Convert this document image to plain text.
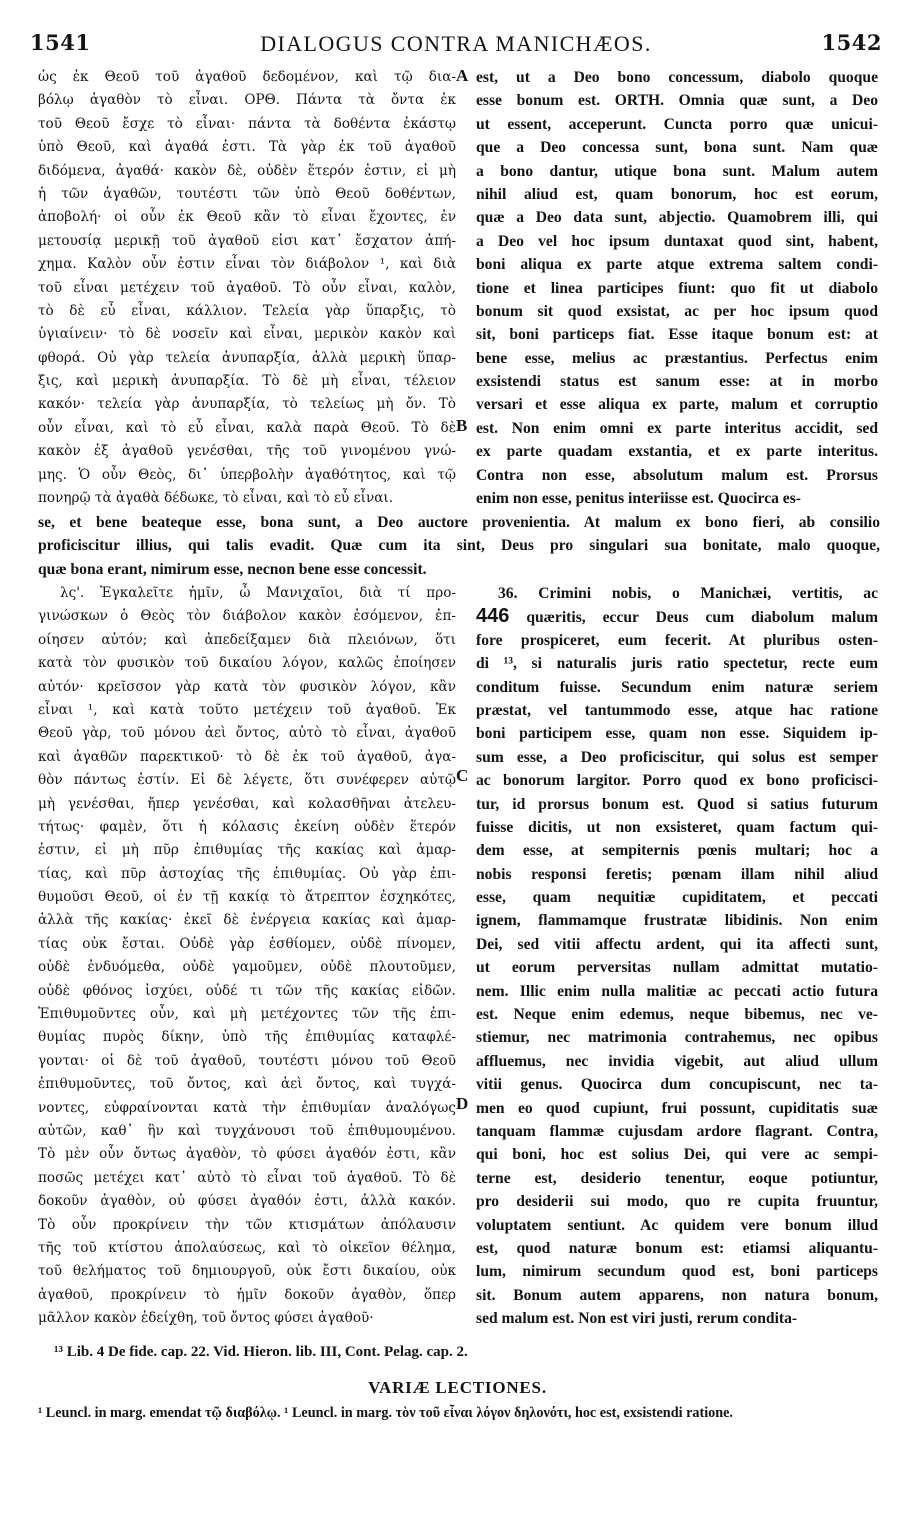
1541	DIALOGUS CONTRA MANICHÆOS.	1542
ὡς ἐκ Θεοῦ τοῦ ἀγαθοῦ δεδομένον, καὶ τῷ δια-
βόλῳ ἀγαθὸν τὸ εἶναι. ΟΡΘ. Πάντα τὰ ὄντα ἐκ
τοῦ Θεοῦ ἔσχε τὸ εἶναι· πάντα τὰ δοθέντα ἑκάστῳ
ὑπὸ Θεοῦ, καὶ ἀγαθά ἐστι. Τὰ γὰρ ἐκ τοῦ ἀγαθοῦ
διδόμενα, ἀγαθά· κακὸν δὲ, οὐδὲν ἕτερόν ἐστιν, εἰ μὴ
ἡ τῶν ἀγαθῶν, τουτέστι τῶν ὑπὸ Θεοῦ δοθέντων,
ἀποβολή· οἱ οὖν ἐκ Θεοῦ κἂν τὸ εἶναι ἔχοντες, ἐν
μετουσίᾳ μερικῇ τοῦ ἀγαθοῦ εἰσι κατ᾽ ἔσχατον ἀπή-
χημα. Καλὸν οὖν ἐστιν εἶναι τὸν διάβολον ¹, καὶ διὰ
τοῦ εἶναι μετέχειν τοῦ ἀγαθοῦ. Τὸ οὖν εἶναι, καλὸν,
τὸ δὲ εὖ εἶναι, κάλλιον. Τελεία γὰρ ὕπαρξις, τὸ
ὑγιαίνειν· τὸ δὲ νοσεῖν καὶ εἶναι, μερικὸν κακὸν καὶ
φθορά. Οὐ γὰρ τελεία ἀνυπαρξία, ἀλλὰ μερικὴ ὕπαρ-
ξις, καὶ μερικὴ ἀνυπαρξία. Τὸ δὲ μὴ εἶναι, τέλειον
κακόν· τελεία γὰρ ἀνυπαρξία, τὸ τελείως μὴ ὄν. Τὸ
οὖν εἶναι, καὶ τὸ εὖ εἶναι, καλὰ παρὰ Θεοῦ. Τὸ δὲ
κακὸν ἐξ ἀγαθοῦ γενέσθαι, τῆς τοῦ γινομένου γνώ-
μης. Ὁ οὖν Θεὸς, δι᾽ ὑπερβολὴν ἀγαθότητος, καὶ τῷ
πονηρῷ τὰ ἀγαθὰ δέδωκε, τὸ εἶναι, καὶ τὸ εὖ εἶναι.
est, ut a Deo bono concessum, diabolo quoque
esse bonum est. ORTH. Omnia quæ sunt, a Deo
ut essent, acceperunt. Cuncta porro quæ unicui-
que a Deo concessa sunt, bona sunt. Nam quæ
a bono dantur, utique bona sunt. Malum autem
nihil aliud est, quam bonorum, hoc est eorum,
quæ a Deo data sunt, abjectio. Quamobrem illi, qui
a Deo vel hoc ipsum duntaxat quod sint, habent,
boni aliqua ex parte atque extrema saltem condi-
tione et linea participes fiunt: quo fit ut diabolo
bonum sit quod exsistat, ac per hoc ipsum quod
sit, boni particeps fiat. Esse itaque bonum est: at
bene esse, melius ac præstantius. Perfectus enim
exsistendi status est sanum esse: at in morbo
versari et esse aliqua ex parte, malum et corruptio
est. Non enim omni ex parte interitus accidit, sed
ex parte quadam exstantia, et ex parte interitus.
Contra non esse, absolutum malum est. Prorsus
enim non esse, penitus interiisse est. Quocirca es-
se, et bene beateque esse, bona sunt, a Deo auctore provenientia. At malum ex bono fieri, ab consilio
proficiscitur illius, qui talis evadit. Quæ cum ita sint, Deus pro singulari sua bonitate, malo quoque,
quæ bona erant, nimirum esse, necnon bene esse concessit.
λς'. Ἐγκαλεῖτε ἡμῖν, ὦ Μανιχαῖοι, διὰ τί προ-
γινώσκων ὁ Θεὸς τὸν διάβολον κακὸν ἐσόμενον, ἐπ-
οίησεν αὐτόν; καὶ ἀπεδείξαμεν διὰ πλειόνων, ὅτι
κατὰ τὸν φυσικὸν τοῦ δικαίου λόγον, καλῶς ἐποίησεν
αὐτόν· κρεῖσσον γὰρ κατὰ τὸν φυσικὸν λόγον, κἂν
εἶναι ¹, καὶ κατὰ τοῦτο μετέχειν τοῦ ἀγαθοῦ. Ἐκ
Θεοῦ γὰρ, τοῦ μόνου ἀεὶ ὄντος, αὐτὸ τὸ εἶναι, ἀγαθοῦ
καὶ ἀγαθῶν παρεκτικοῦ· τὸ δὲ ἐκ τοῦ ἀγαθοῦ, ἀγα-
θὸν πάντως ἐστίν. Εἰ δὲ λέγετε, ὅτι συνέφερεν αὐτῷ
μὴ γενέσθαι, ἤπερ γενέσθαι, καὶ κολασθῆναι ἀτελευ-
τήτως· φαμὲν, ὅτι ἡ κόλασις ἐκείνη οὐδὲν ἕτερόν
ἐστιν, εἰ μὴ πῦρ ἐπιθυμίας τῆς κακίας καὶ ἁμαρ-
τίας, καὶ πῦρ ἀστοχίας τῆς ἐπιθυμίας. Οὐ γὰρ ἐπι-
θυμοῦσι Θεοῦ, οἱ ἐν τῇ κακίᾳ τὸ ἄτρεπτον ἐσχηκότες,
ἀλλὰ τῆς κακίας· ἐκεῖ δὲ ἐνέργεια κακίας καὶ ἁμαρ-
τίας οὐκ ἔσται. Οὐδὲ γὰρ ἐσθίομεν, οὐδὲ πίνομεν,
οὐδὲ ἐνδυόμεθα, οὐδὲ γαμοῦμεν, οὐδὲ πλουτοῦμεν,
οὐδὲ φθόνος ἰσχύει, οὐδέ τι τῶν τῆς κακίας εἰδῶν.
Ἐπιθυμοῦντες οὖν, καὶ μὴ μετέχοντες τῶν τῆς ἐπι-
θυμίας πυρὸς δίκην, ὑπὸ τῆς ἐπιθυμίας καταφλέ-
γονται· οἱ δὲ τοῦ ἀγαθοῦ, τουτέστι μόνου τοῦ Θεοῦ
ἐπιθυμοῦντες, τοῦ ὄντος, καὶ ἀεὶ ὄντος, καὶ τυγχά-
νοντες, εὐφραίνονται κατὰ τὴν ἐπιθυμίαν ἀναλόγως
αὐτῶν, καθ᾽ ἣν καὶ τυγχάνουσι τοῦ ἐπιθυμουμένου.
Τὸ μὲν οὖν ὄντως ἀγαθὸν, τὸ φύσει ἀγαθόν ἐστι, κἂν
ποσῶς μετέχει κατ᾽ αὐτὸ τὸ εἶναι τοῦ ἀγαθοῦ. Τὸ δὲ
δοκοῦν ἀγαθὸν, οὐ φύσει ἀγαθόν ἐστι, ἀλλὰ κακόν.
Τὸ οὖν προκρίνειν τὴν τῶν κτισμάτων ἀπόλαυσιν
τῆς τοῦ κτίστου ἀπολαύσεως, καὶ τὸ οἰκεῖον θέλημα,
τοῦ θελήματος τοῦ δημιουργοῦ, οὐκ ἔστι δικαίου, οὐκ
ἀγαθοῦ, προκρίνειν τὸ ἡμῖν δοκοῦν ἀγαθὸν, ὅπερ
μᾶλλον κακὸν ἐδείχθη, τοῦ ὄντος φύσει ἀγαθοῦ·
36. Crimini nobis, o Manichæi, vertitis, ac
446 quæritis, eccur Deus cum diabolum malum
fore prospiceret, eum fecerit. At pluribus osten-
di ¹³, si naturalis juris ratio spectetur, recte eum
conditum fuisse. Secundum enim naturæ seriem
præstat, vel tantummodo esse, atque hac ratione
boni participem esse, quam non esse. Siquidem ip-
sum esse, a Deo proficiscitur, qui solus est semper
ac bonorum largitor. Porro quod ex bono proficisci-
tur, id prorsus bonum est. Quod si satius futurum
fuisse dicitis, ut non exsisteret, quam factum qui-
dem esse, at sempiternis pœnis multari; hoc a
nobis responsi feretis; pœnam illam nihil aliud
esse, quam nequitiæ cupiditatem, et peccati
ignem, flammamque frustratæ libidinis. Non enim
Dei, sed vitii affectu ardent, qui ita affecti sunt,
ut eorum perversitas nullam admittat mutatio-
nem. Illic enim nulla malitiæ ac peccati actio futura
est. Neque enim edemus, neque bibemus, nec ve-
stiemur, nec matrimonia contrahemus, nec opibus
affluemus, nec invidia vigebit, aut aliud ullum
vitii genus. Quocirca dum concupiscunt, nec ta-
men eo quod cupiunt, frui possunt, cupiditatis suæ
tanquam flammæ cujusdam ardore flagrant. Contra,
qui boni, hoc est solius Dei, qui vere ac sempi-
terne est, desiderio tenentur, eoque potiuntur,
pro desiderii sui modo, quo re cupita fruuntur,
voluptatem sentiunt. Ac quidem vere bonum illud
est, quod naturæ bonum est: etiamsi aliquantu-
lum, nimirum secundum quod est, boni particeps
sit. Bonum autem apparens, non natura bonum,
sed malum est. Non est viri justi, rerum condita-
A
B
C
D
¹³ Lib. 4 De fide. cap. 22. Vid. Hieron. lib. III, Cont. Pelag. cap. 2.
VARIÆ LECTIONES.
¹ Leuncl. in marg. emendat τῷ διαβόλῳ. ¹ Leuncl. in marg. τὸν τοῦ εἶναι λόγον δηλονότι, hoc est, exsistendi ratione.
